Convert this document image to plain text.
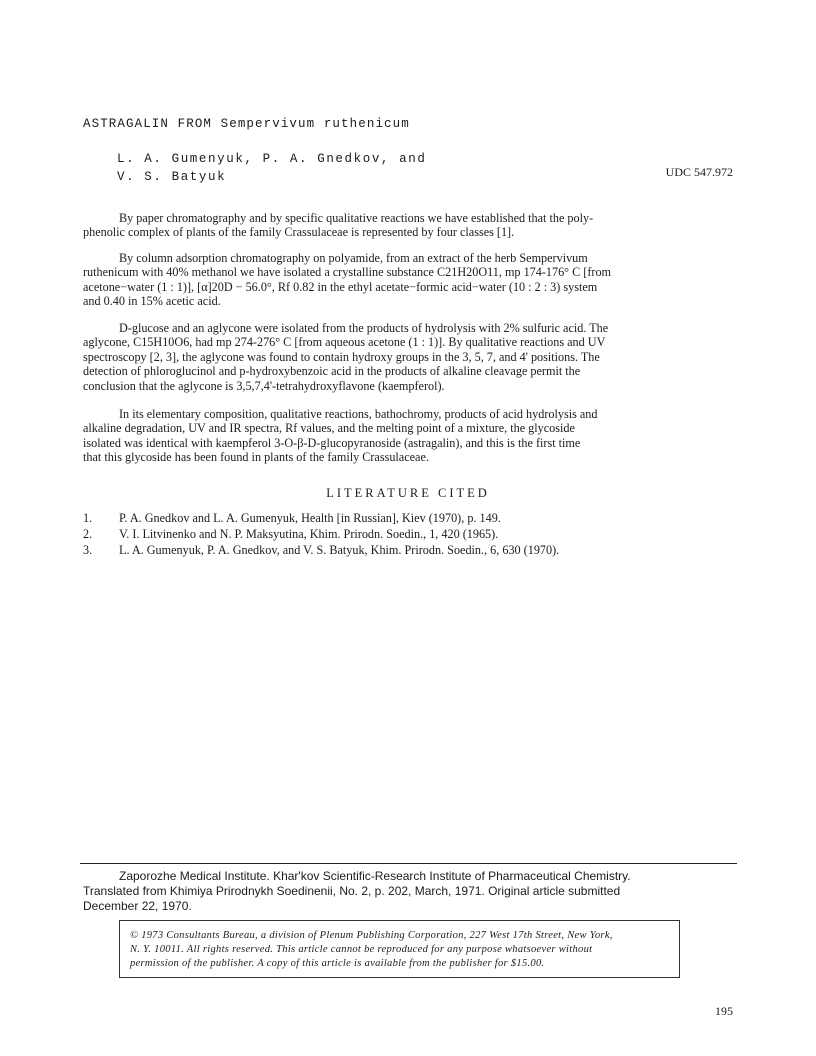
ASTRAGALIN FROM Sempervivum ruthenicum
L. A. Gumenyuk, P. A. Gnedkov, and
V. S. Batyuk	UDC 547.972

By paper chromatography and by specific qualitative reactions we have established that the poly-
phenolic complex of plants of the family Crassulaceae is represented by four classes [1].

By column adsorption chromatography on polyamide, from an extract of the herb Sempervivum
ruthenicum with 40% methanol we have isolated a crystalline substance C21H20O11, mp 174-176° C [from
acetone−water (1 : 1)], [α]20D − 56.0°, Rf 0.82 in the ethyl acetate−formic acid−water (10 : 2 : 3) system
and 0.40 in 15% acetic acid.

D-glucose and an aglycone were isolated from the products of hydrolysis with 2% sulfuric acid. The
aglycone, C15H10O6, had mp 274-276° C [from aqueous acetone (1 : 1)]. By qualitative reactions and UV
spectroscopy [2, 3], the aglycone was found to contain hydroxy groups in the 3, 5, 7, and 4' positions. The
detection of phloroglucinol and p-hydroxybenzoic acid in the products of alkaline cleavage permit the
conclusion that the aglycone is 3,5,7,4'-tetrahydroxyflavone (kaempferol).

In its elementary composition, qualitative reactions, bathochromy, products of acid hydrolysis and
alkaline degradation, UV and IR spectra, Rf values, and the melting point of a mixture, the glycoside
isolated was identical with kaempferol 3-O-β-D-glucopyranoside (astragalin), and this is the first time
that this glycoside has been found in plants of the family Crassulaceae.

LITERATURE CITED
1. P. A. Gnedkov and L. A. Gumenyuk, Health [in Russian], Kiev (1970), p. 149.
2. V. I. Litvinenko and N. P. Maksyutina, Khim. Prirodn. Soedin., 1, 420 (1965).
3. L. A. Gumenyuk, P. A. Gnedkov, and V. S. Batyuk, Khim. Prirodn. Soedin., 6, 630 (1970).
Zaporozhe Medical Institute. Khar'kov Scientific-Research Institute of Pharmaceutical Chemistry.
Translated from Khimiya Prirodnykh Soedinenii, No. 2, p. 202, March, 1971. Original article submitted
December 22, 1970.
© 1973 Consultants Bureau, a division of Plenum Publishing Corporation, 227 West 17th Street, New York,
N. Y. 10011. All rights reserved. This article cannot be reproduced for any purpose whatsoever without
permission of the publisher. A copy of this article is available from the publisher for $15.00.
195
